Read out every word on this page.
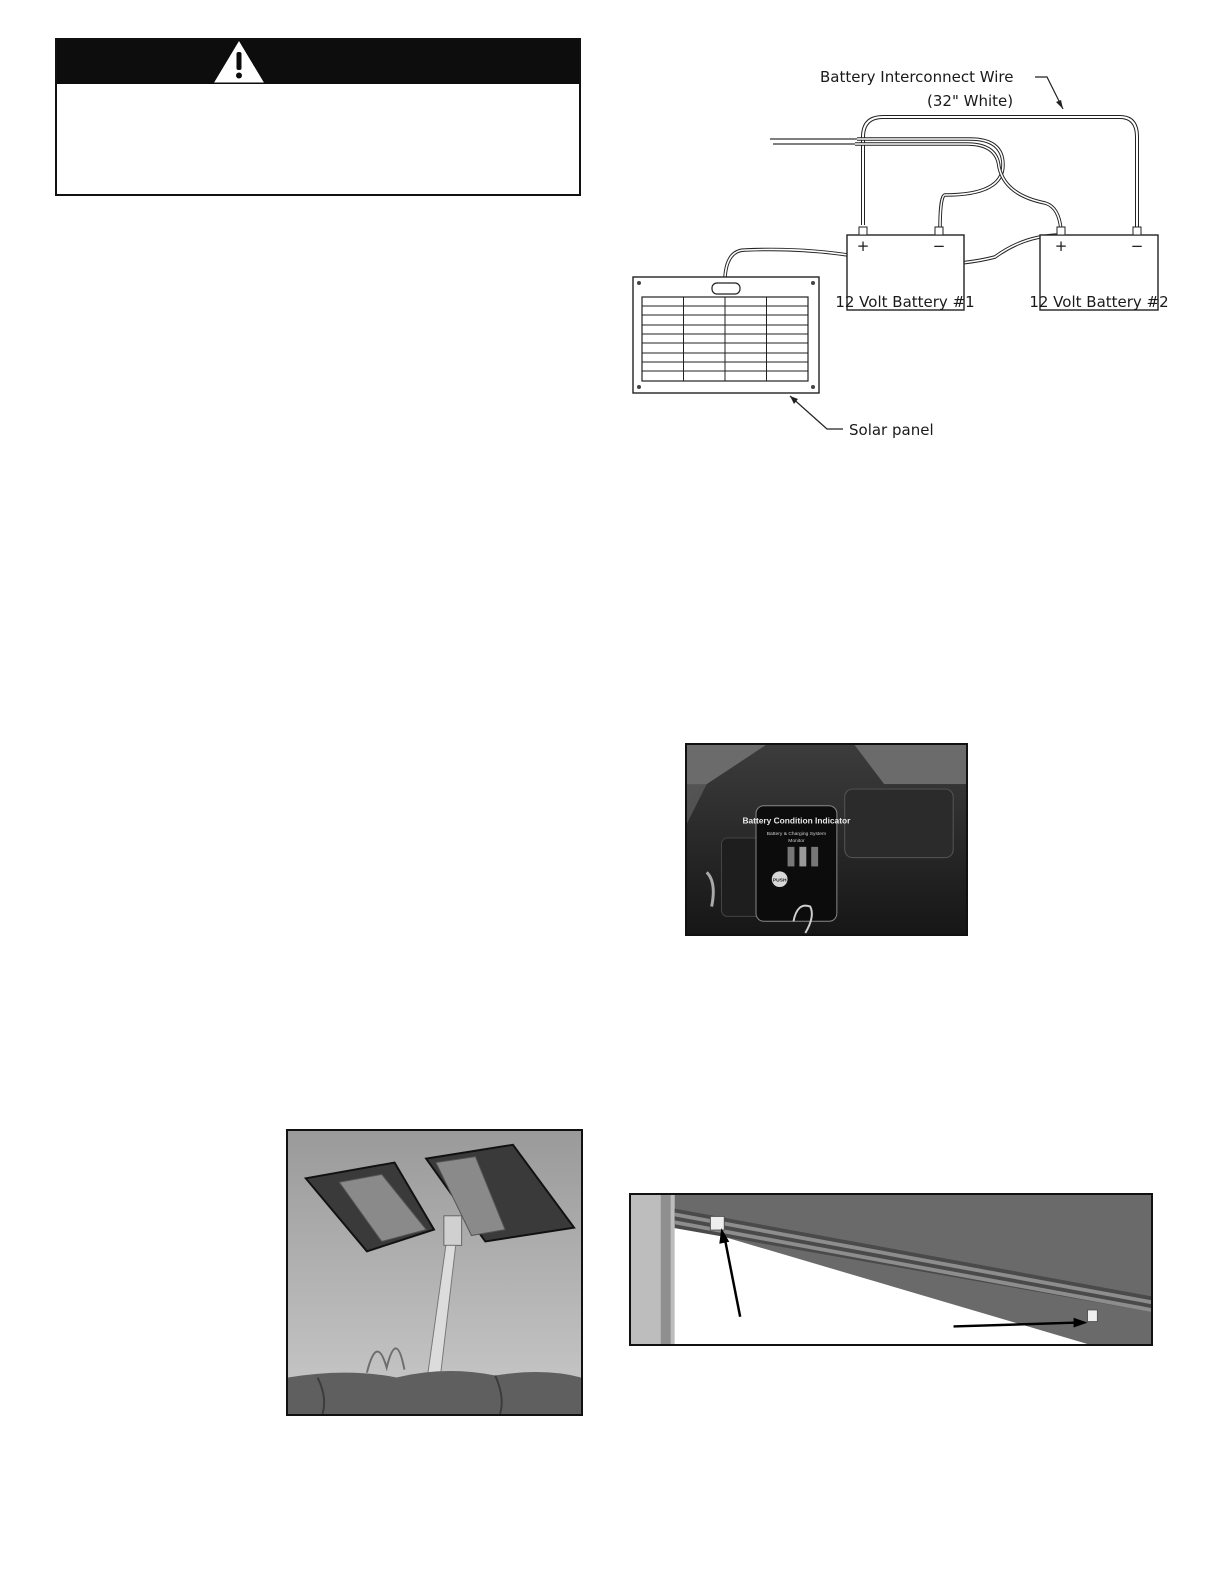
Battery Interconnect Wire
(32" White)
+	−
12 Volt Battery #1
+	−
12 Volt Battery #2
Solar panel
Battery Condition Indicator
Battery & Charging System
Monitor
PUSH
